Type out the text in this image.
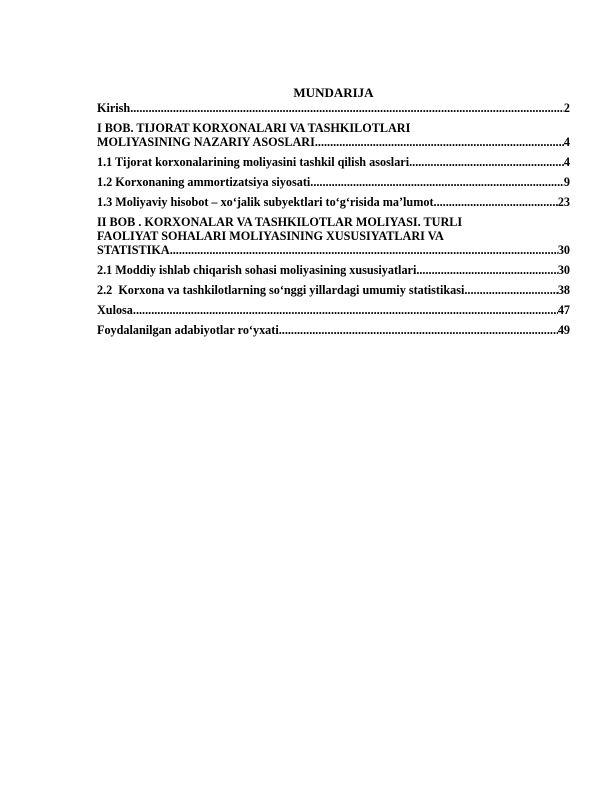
MUNDARIJA
Kirish .....	2
I BOB. TIJORAT KORXONALARI VA TASHKILOTLARI
MOLIYASINING NAZARIY ASOSLARI .....	4
1.1 Tijorat korxonalarining moliyasini tashkil qilish asoslari .....	4
1.2 Korxonaning ammortizatsiya siyosati .....	9
1.3 Moliyaviy hisobot – xo‘jalik subyektlari to‘g‘risida ma’lumot .....	23
II BOB . KORXONALAR VA TASHKILOTLAR MOLIYASI. TURLI
FAOLIYAT SOHALARI MOLIYASINING XUSUSIYATLARI VA
STATISTIKA .....	30
2.1 Moddiy ishlab chiqarish sohasi moliyasining xususiyatlari .....	30
2.2  Korxona va tashkilotlarning so‘nggi yillardagi umumiy statistikasi .....	38
Xulosa .....	47
Foydalanilgan adabiyotlar ro‘yxati .....	49
